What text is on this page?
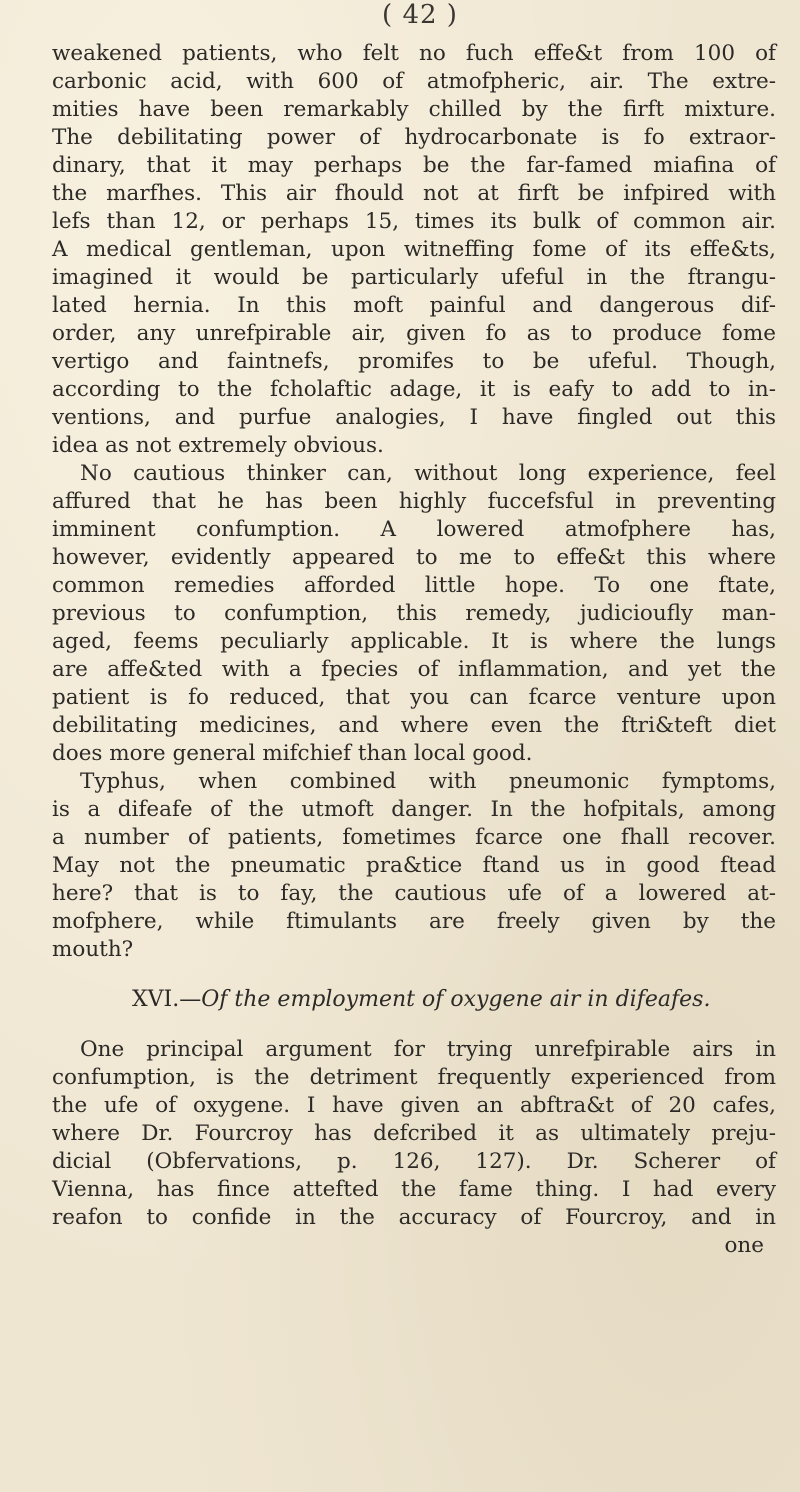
( 42 )
weakened patients, who felt no fuch effe&t from 100 of
carbonic acid, with 600 of atmofpheric, air. The extre-
mities have been remarkably chilled by the firft mixture.
The debilitating power of hydrocarbonate is fo extraor-
dinary, that it may perhaps be the far-famed miafina of
the marfhes. This air fhould not at firft be infpired with
lefs than 12, or perhaps 15, times its bulk of common air.
A medical gentleman, upon witneffing fome of its effe&ts,
imagined it would be particularly ufeful in the ftrangu-
lated hernia. In this moft painful and dangerous dif-
order, any unrefpirable air, given fo as to produce fome
vertigo and faintnefs, promifes to be ufeful. Though,
according to the fcholaftic adage, it is eafy to add to in-
ventions, and purfue analogies, I have fingled out this
idea as not extremely obvious.
No cautious thinker can, without long experience, feel
affured that he has been highly fuccefsful in preventing
imminent confumption. A lowered atmofphere has,
however, evidently appeared to me to effe&t this where
common remedies afforded little hope. To one ftate,
previous to confumption, this remedy, judicioufly man-
aged, feems peculiarly applicable. It is where the lungs
are affe&ted with a fpecies of inflammation, and yet the
patient is fo reduced, that you can fcarce venture upon
debilitating medicines, and where even the ftri&teft diet
does more general mifchief than local good.
Typhus, when combined with pneumonic fymptoms,
is a difeafe of the utmoft danger. In the hofpitals, among
a number of patients, fometimes fcarce one fhall recover.
May not the pneumatic pra&tice ftand us in good ftead
here? that is to fay, the cautious ufe of a lowered at-
mofphere, while ftimulants are freely given by the
mouth?
XVI.—Of the employment of oxygene air in difeafes.
One principal argument for trying unrefpirable airs in
confumption, is the detriment frequently experienced from
the ufe of oxygene. I have given an abftra&t of 20 cafes,
where Dr. Fourcroy has defcribed it as ultimately preju-
dicial (Obfervations, p. 126, 127). Dr. Scherer of
Vienna, has fince attefted the fame thing. I had every
reafon to confide in the accuracy of Fourcroy, and in
one
